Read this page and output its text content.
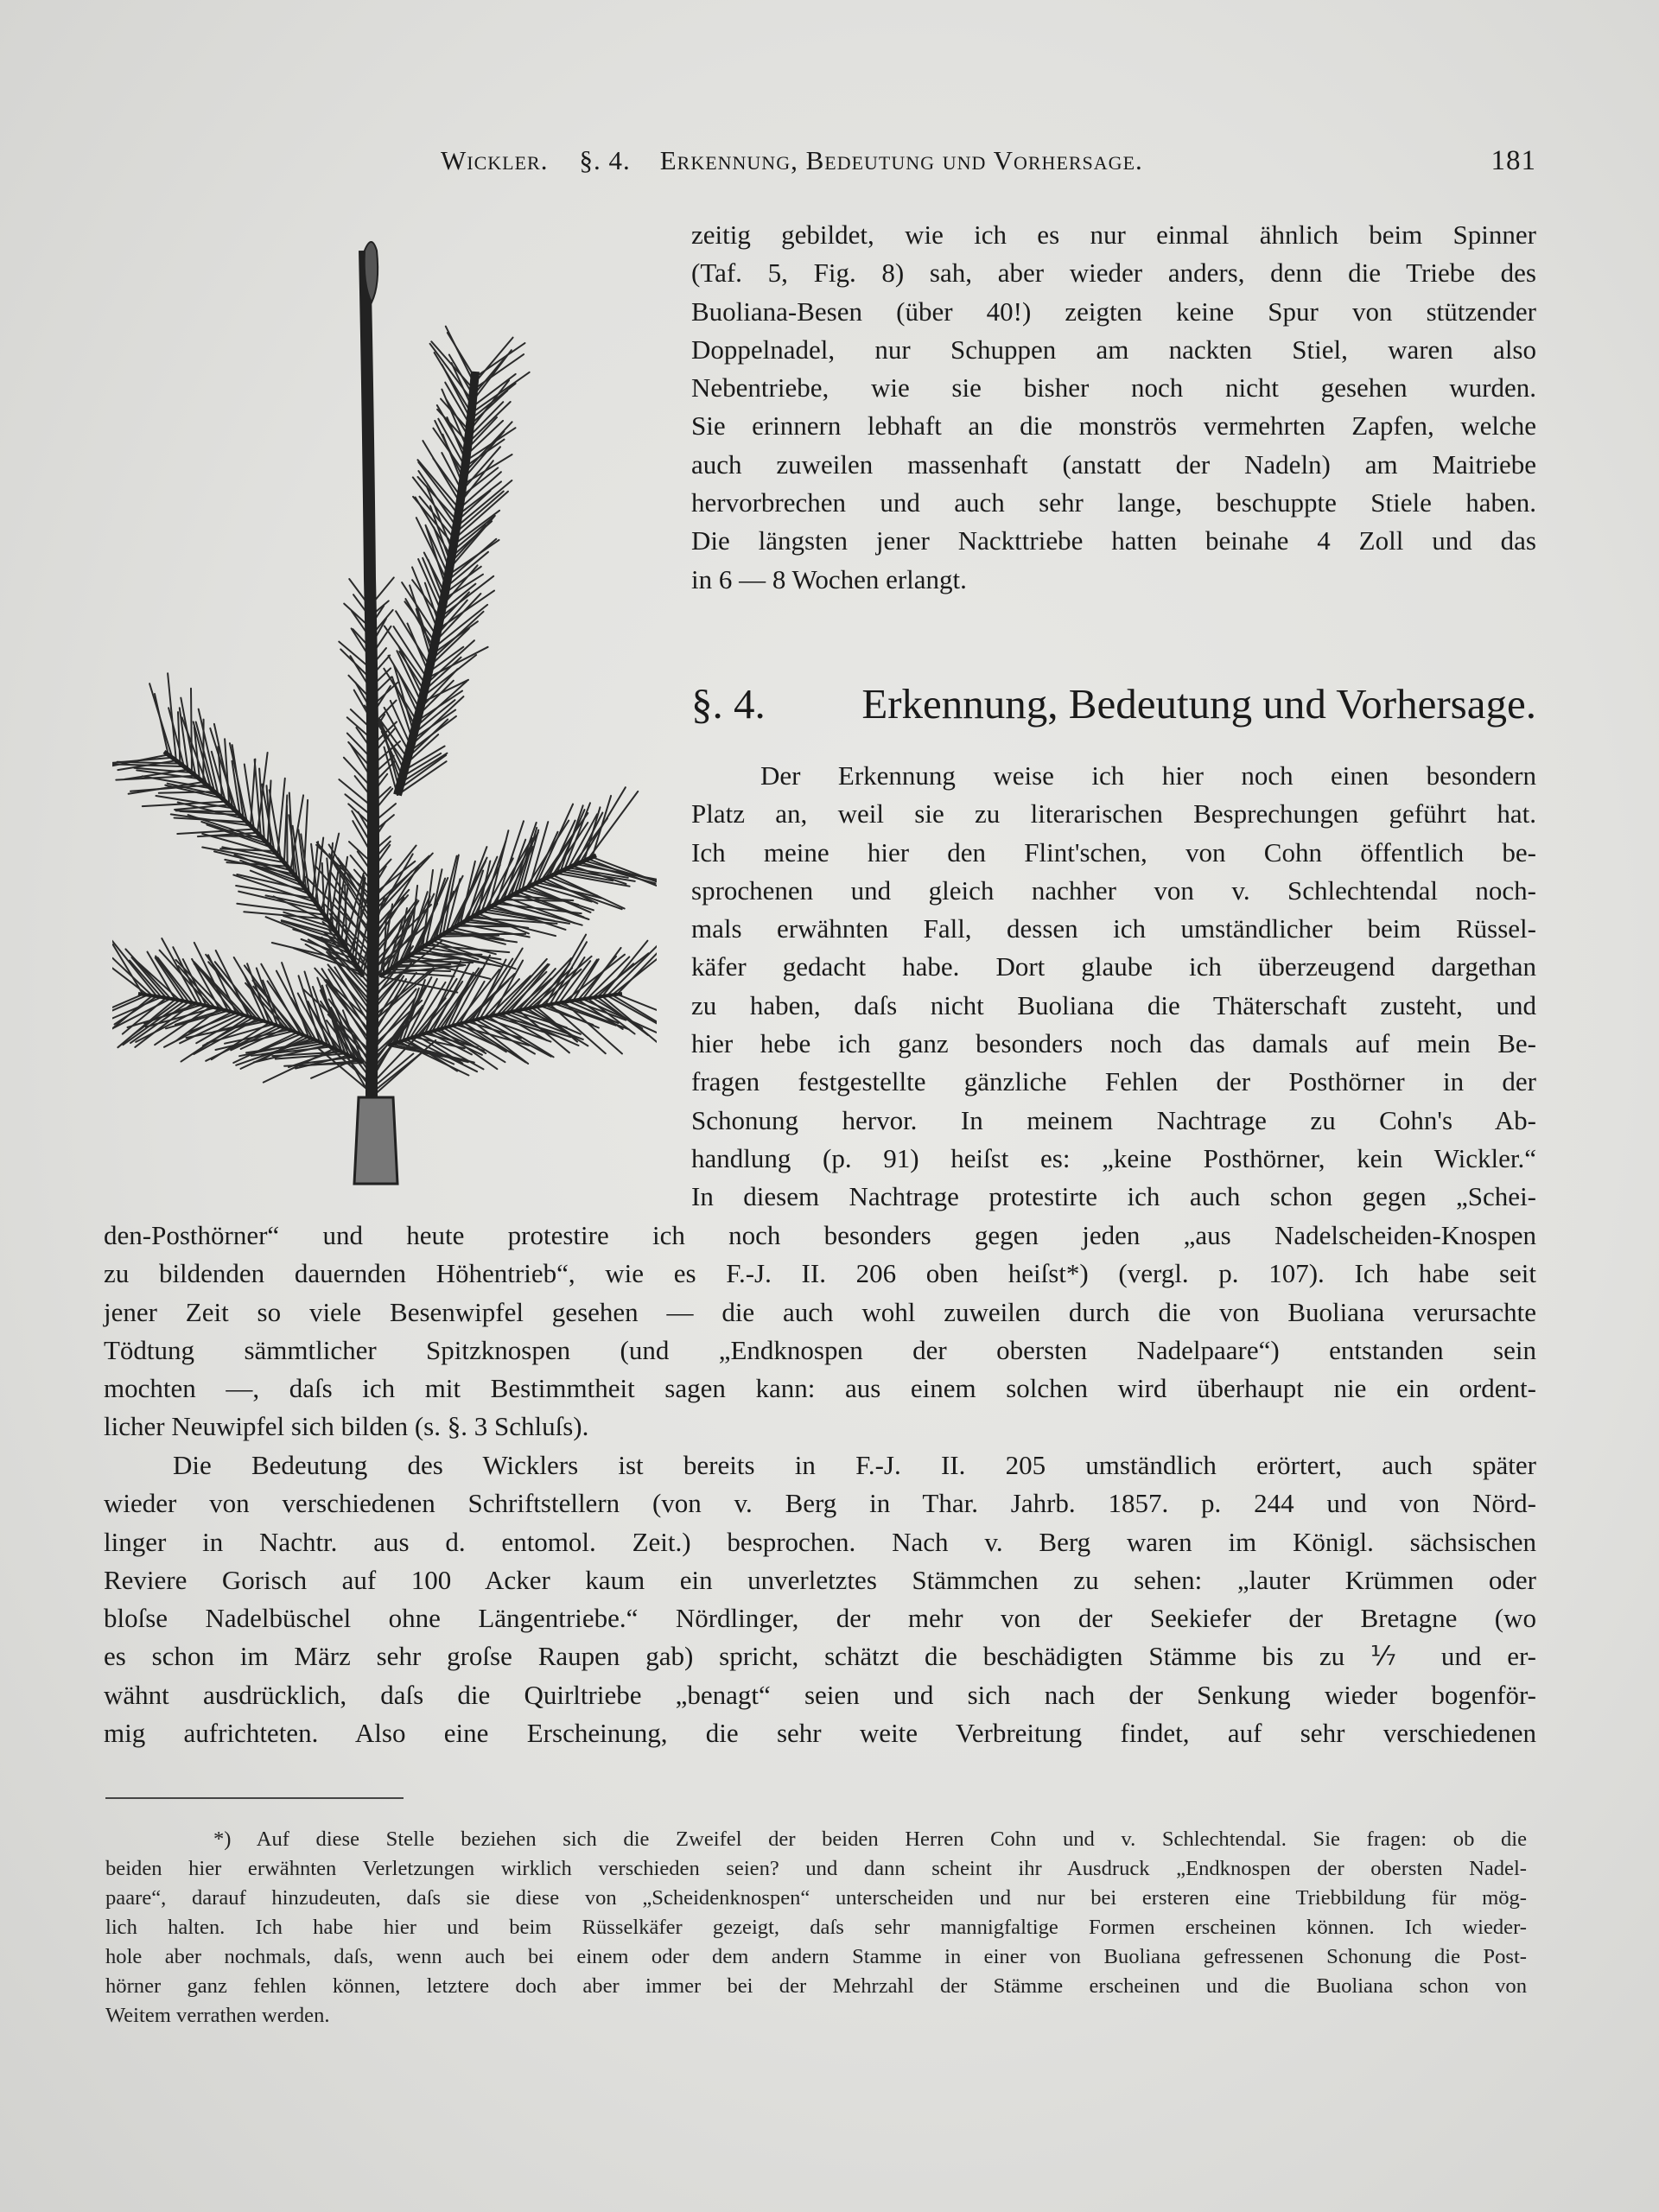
Wickler. §. 4. Erkennung, Bedeutung und Vorhersage.	181

zeitig gebildet, wie ich es nur einmal ähnlich beim Spinner

(Taf. 5, Fig. 8) sah, aber wieder anders, denn die Triebe des

Buoliana-Besen (über 40!) zeigten keine Spur von stützender

Doppelnadel, nur Schuppen am nackten Stiel, waren also

Nebentriebe, wie sie bisher noch nicht gesehen wurden.

Sie erinnern lebhaft an die monströs vermehrten Zapfen, welche

auch zuweilen massenhaft (anstatt der Nadeln) am Maitriebe

hervorbrechen und auch sehr lange, beschuppte Stiele haben.

Die längsten jener Nackttriebe hatten beinahe 4 Zoll und das

in 6 — 8 Wochen erlangt.

§. 4. Erkennung, Bedeutung und Vorhersage.

Der Erkennung weise ich hier noch einen besondern

Platz an, weil sie zu literarischen Besprechungen geführt hat.

Ich meine hier den Flint'schen, von Cohn öffentlich be-

sprochenen und gleich nachher von v. Schlechtendal noch-

mals erwähnten Fall, dessen ich umständlicher beim Rüssel-

käfer gedacht habe. Dort glaube ich überzeugend dargethan

zu haben, daſs nicht Buoliana die Thäterschaft zusteht, und

hier hebe ich ganz besonders noch das damals auf mein Be-

fragen festgestellte gänzliche Fehlen der Posthörner in der

Schonung hervor. In meinem Nachtrage zu Cohn's Ab-

handlung (p. 91) heiſst es: „keine Posthörner, kein Wickler.“

In diesem Nachtrage protestirte ich auch schon gegen „Schei-

den-Posthörner“ und heute protestire ich noch besonders gegen jeden „aus Nadelscheiden-Knospen

zu bildenden dauernden Höhentrieb“, wie es F.-J. II. 206 oben heiſst*) (vergl. p. 107). Ich habe seit

jener Zeit so viele Besenwipfel gesehen — die auch wohl zuweilen durch die von Buoliana verursachte

Tödtung sämmtlicher Spitzknospen (und „Endknospen der obersten Nadelpaare“) entstanden sein

mochten —, daſs ich mit Bestimmtheit sagen kann: aus einem solchen wird überhaupt nie ein ordent-

licher Neuwipfel sich bilden (s. §. 3 Schluſs).

Die Bedeutung des Wicklers ist bereits in F.-J. II. 205 umständlich erörtert, auch später

wieder von verschiedenen Schriftstellern (von v. Berg in Thar. Jahrb. 1857. p. 244 und von Nörd-

linger in Nachtr. aus d. entomol. Zeit.) besprochen. Nach v. Berg waren im Königl. sächsischen

Reviere Gorisch auf 100 Acker kaum ein unverletztes Stämmchen zu sehen: „lauter Krümmen oder

bloſse Nadelbüschel ohne Längentriebe.“ Nördlinger, der mehr von der Seekiefer der Bretagne (wo

es schon im März sehr groſse Raupen gab) spricht, schätzt die beschädigten Stämme bis zu ⅐ und er-

wähnt ausdrücklich, daſs die Quirltriebe „benagt“ seien und sich nach der Senkung wieder bogenför-

mig aufrichteten. Also eine Erscheinung, die sehr weite Verbreitung findet, auf sehr verschiedenen

*) Auf diese Stelle beziehen sich die Zweifel der beiden Herren Cohn und v. Schlechtendal. Sie fragen: ob die

beiden hier erwähnten Verletzungen wirklich verschieden seien? und dann scheint ihr Ausdruck „Endknospen der obersten Nadel-

paare“, darauf hinzudeuten, daſs sie diese von „Scheidenknospen“ unterscheiden und nur bei ersteren eine Triebbildung für mög-

lich halten. Ich habe hier und beim Rüsselkäfer gezeigt, daſs sehr mannigfaltige Formen erscheinen können. Ich wieder-

hole aber nochmals, daſs, wenn auch bei einem oder dem andern Stamme in einer von Buoliana gefressenen Schonung die Post-

hörner ganz fehlen können, letztere doch aber immer bei der Mehrzahl der Stämme erscheinen und die Buoliana schon von

Weitem verrathen werden.
